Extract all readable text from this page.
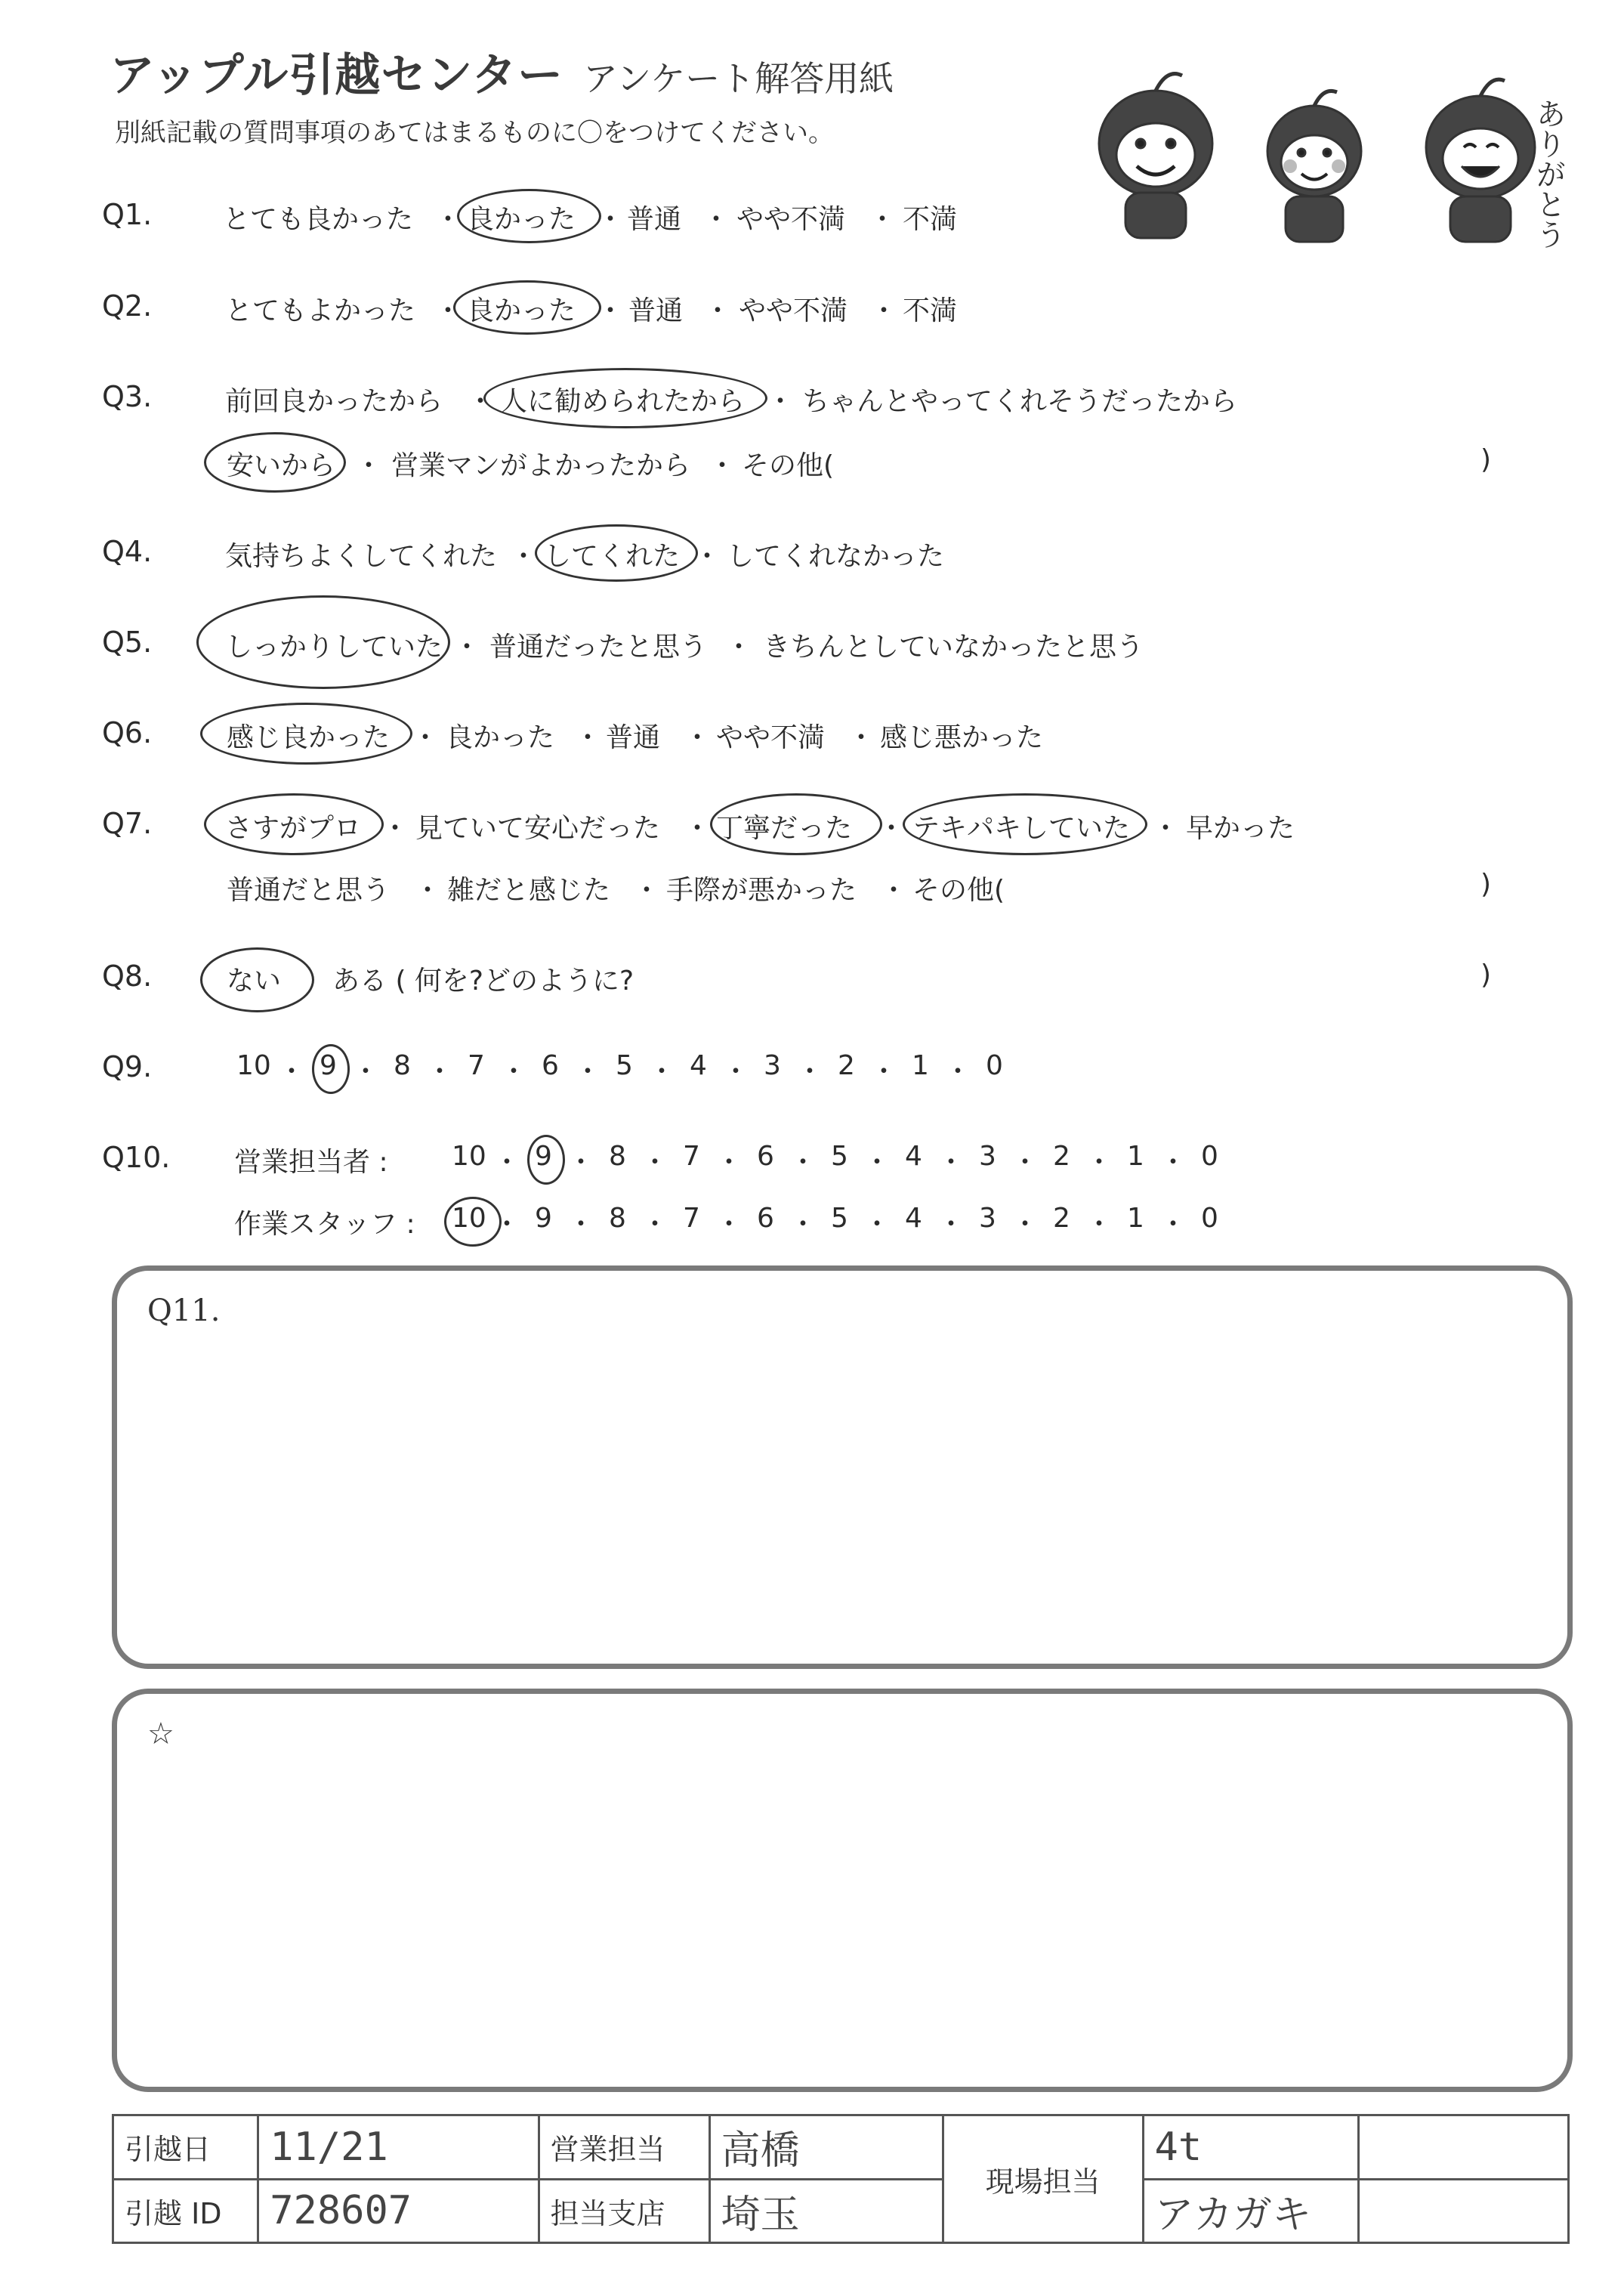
アップル引越センター アンケート解答用紙
別紙記載の質問事項のあてはまるものに〇をつけてください。	ありがとう
Q1.	とても良かった ・ 良かった ・ 普通 ・ やや不満 ・ 不満
Q2.	とてもよかった ・ 良かった ・ 普通 ・ やや不満 ・ 不満
Q3.	前回良かったから ・ 人に勧められたから ・ ちゃんとやってくれそうだったから
安いから ・ 営業マンがよかったから ・ その他(	)
Q4.	気持ちよくしてくれた ・ してくれた ・ してくれなかった
Q5.	しっかりしていた ・ 普通だったと思う ・ きちんとしていなかったと思う
Q6.	感じ良かった ・ 良かった ・ 普通 ・ やや不満 ・ 感じ悪かった
Q7.	さすがプロ ・ 見ていて安心だった ・ 丁寧だった ・ テキパキしていた ・ 早かった
普通だと思う ・ 雑だと感じた ・ 手際が悪かった ・ その他(	)
Q8.	ない ある ( 何を?どのように?	)
Q9.	10 ・ 9 ・ 8 ・ 7 ・ 6 ・ 5 ・ 4 ・ 3 ・ 2 ・ 1 ・ 0
Q10. 営業担当者 : 10 ・ 9 ・ 8 ・ 7 ・ 6 ・ 5 ・ 4 ・ 3 ・ 2 ・ 1 ・ 0
作業スタッフ : 10 ・ 9 ・ 8 ・ 7 ・ 6 ・ 5 ・ 4 ・ 3 ・ 2 ・ 1 ・ 0
Q11.
☆
引越日	11/21	営業担当	高橋	現場担当	4t	
引越 ID	728607	担当支店	埼玉		アカガキ	
